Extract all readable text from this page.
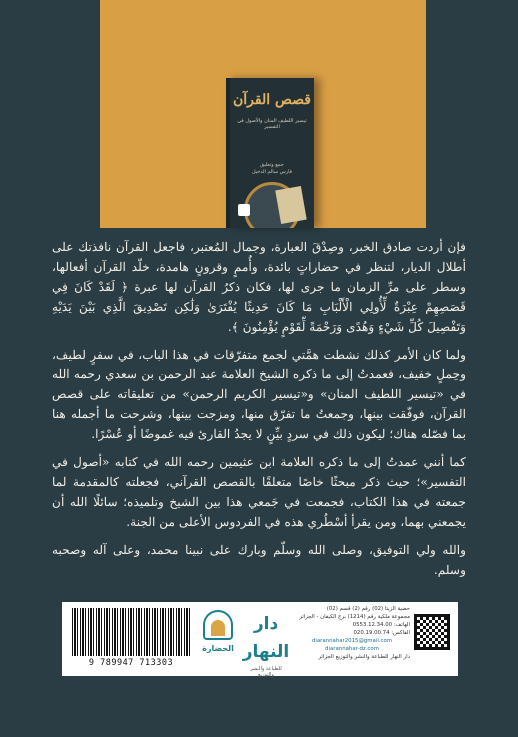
قصص القرآن
تيسير اللطيف المنان والأصول في التفسير
جمع وتعليق
فارس سالم الدخيل

فإن أردت صادق الخبر، وصِدْقَ العبارة، وجمال المُعتبر، فاجعل القرآن نافذتك على أطلال الديار، لتنظر في حضاراتٍ بائدة، وأُممٍ وقرونٍ هامدة، خلّد القرآن أفعالها، وسطر على مرِّ الزمان ما جرى لها، فكان ذكرُ القرآن لها عبرة ﴿ لَقَدْ كَانَ فِي قَصَصِهِمْ عِبْرَةٌ لِّأُولِي الْأَلْبَابِ مَا كَانَ حَدِيثًا يُفْتَرَىٰ وَلَٰكِن تَصْدِيقَ الَّذِي بَيْنَ يَدَيْهِ وَتَفْصِيلَ كُلِّ شَيْءٍ وَهُدًى وَرَحْمَةً لِّقَوْمٍ يُؤْمِنُونَ ﴾.

ولما كان الأمر كذلك نشطت همَّتي لجمع متفرّقات في هذا الباب، في سفرٍ لطيف، وحِملٍ خفيف، فعمدتُ إلى ما ذكره الشيخ العلامة عبد الرحمن بن سعدي رحمه الله في «تيسير اللطيف المنان» و«تيسير الكريم الرحمن» من تعليقاته على قصص القرآن، فوفّقت بينها، وجمعتُ ما تفرّق منها، ومزجت بينها، وشرحت ما أجمله هنا بما فصّله هناك؛ ليكون ذلك في سردٍ بيِّنٍ لا يجدُ القارئ فيه غموضًا أو عُسْرًا.

كما أنني عمدتُ إلى ما ذكره العلامة ابن عثيمين رحمه الله في كتابه «أصول في التفسير»؛ حيث ذكر مبحثًا خاصًا متعلقًا بالقصص القرآني، فجعلته كالمقدمة لما جمعته في هذا الكتاب، فجمعت في جَمعي هذا بين الشيخ وتلميذه؛ سائلًا الله أن يجمعني بهما، ومن يقرأ أسْطُري هذه في الفردوس الأعلى من الجنة.

والله ولي التوفيق، وصلى الله وسلّم وبارك على نبينا محمد، وعلى آله وصحبه وسلم.

9 789947 713303
الحضارة
دار النهار
للطباعة والنشر والتوزيع
حضية الزيتا (02) رقم (2) قسم (02)
مجموعة ملكية رقم (1214) برج الكيفان - الجزائر
الهاتف: 0553.12.34.00
الفاكس: 020.19.00.74
diarannahar2015@gmail.com
diarannahar-dz.com
دار النهار للطباعة والنشر والتوزيع الجزائر
